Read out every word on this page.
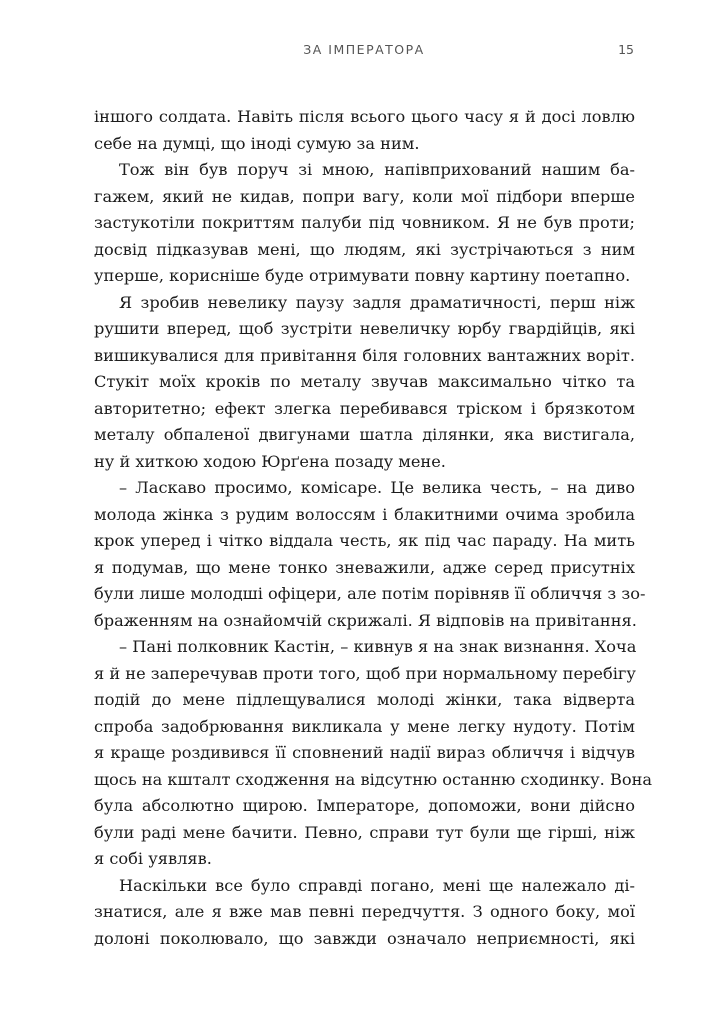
ЗА ІМПЕРАТОРА	15
іншого солдата. Навіть після всього цього часу я й досі ловлю
себе на думці, що іноді сумую за ним.
Тож він був поруч зі мною, напівприхований нашим ба-
гажем, який не кидав, попри вагу, коли мої підбори вперше
застукотіли покриттям палуби під човником. Я не був проти;
досвід підказував мені, що людям, які зустрічаються з ним
уперше, кориснiше буде отримувати повну картину поетапно.
Я зробив невелику паузу задля драматичності, перш ніж
рушити вперед, щоб зустріти невеличку юрбу гвардійців, які
вишикувалися для привітання біля головних вантажних воріт.
Стукіт моїх кроків по металу звучав максимально чітко та
авторитетно; ефект злегка перебивався тріском і брязкотом
металу обпаленої двигунами шатла ділянки, яка вистигала,
ну й хиткою ходою Юрґена позаду мене.
– Ласкаво просимо, комісаре. Це велика честь, – на диво
молода жінка з рудим волоссям і блакитними очима зробила
крок уперед і чітко віддала честь, як під час параду. На мить
я подумав, що мене тонко зневажили, адже серед присутніх
були лише молодші офіцери, але потім порівняв її обличчя з зо-
браженням на ознайомчій скрижалі. Я відповів на привітання.
– Пані полковник Кастін, – кивнув я на знак визнання. Хоча
я й не заперечував проти того, щоб при нормальному перебігу
подій до мене підлещувалися молоді жінки, така відверта
спроба задобрювання викликала у мене легку нудоту. Потім
я краще роздивився її сповнений надії вираз обличчя і відчув
щось на кшталт сходження на відсутню останню сходинку. Вона
була абсолютно щирою. Імператоре, допоможи, вони дійсно
були раді мене бачити. Певно, справи тут були ще гірші, ніж
я собі уявляв.
Наскільки все було справді погано, мені ще належало ді-
знатися, але я вже мав певні передчуття. З одного боку, мої
долоні поколювало, що завжди означало неприємності, які
